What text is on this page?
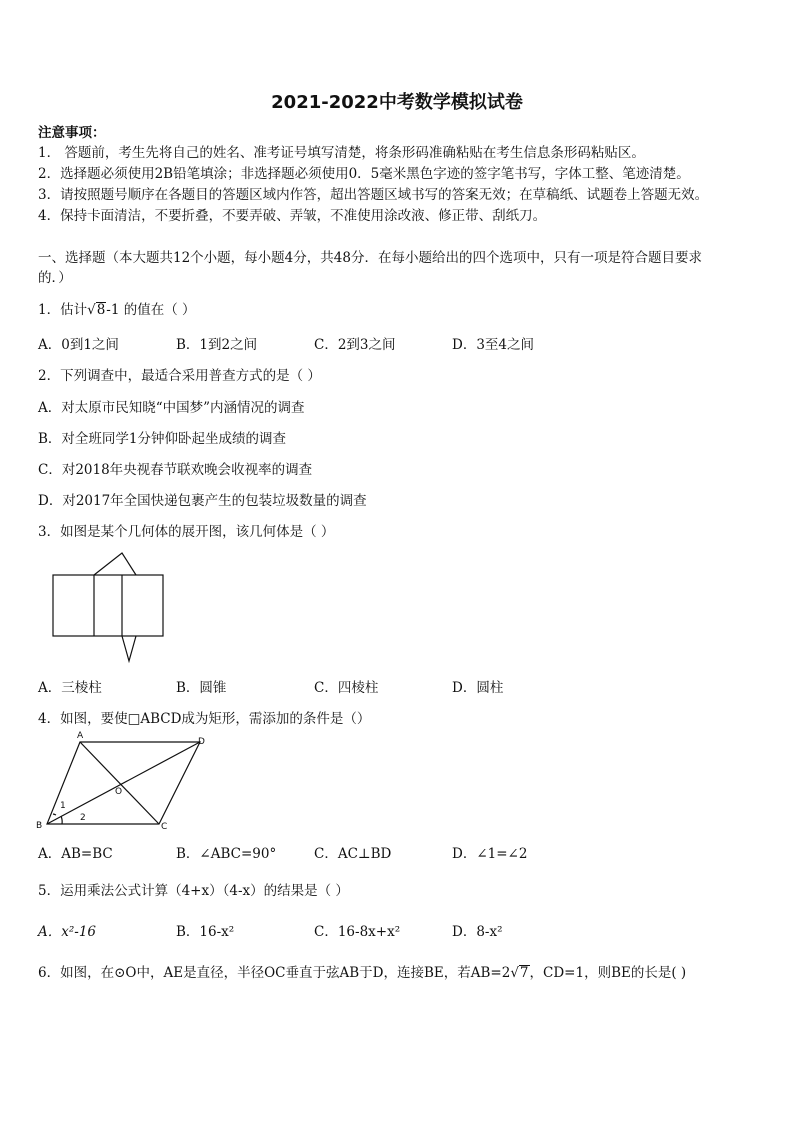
2021-2022中考数学模拟试卷
注意事项：
1． 答题前，考生先将自己的姓名、准考证号填写清楚，将条形码准确粘贴在考生信息条形码粘贴区。
2．选择题必须使用2B铅笔填涂；非选择题必须使用0．5毫米黑色字迹的签字笔书写，字体工整、笔迹清楚。
3．请按照题号顺序在各题目的答题区域内作答，超出答题区域书写的答案无效；在草稿纸、试题卷上答题无效。
4．保持卡面清洁，不要折叠，不要弄破、弄皱，不准使用涂改液、修正带、刮纸刀。
一、选择题（本大题共12个小题，每小题4分，共48分．在每小题给出的四个选项中，只有一项是符合题目要求
的．）
1．估计√8-1 的值在（ ）
A．0到1之间	B．1到2之间	C．2到3之间	D．3至4之间
2．下列调查中，最适合采用普查方式的是（ ）
A．对太原市民知晓“中国梦”内涵情况的调查
B．对全班同学1分钟仰卧起坐成绩的调查
C．对2018年央视春节联欢晚会收视率的调查
D．对2017年全国快递包裹产生的包装垃圾数量的调查
3．如图是某个几何体的展开图，该几何体是（ ）
A．三棱柱	B．圆锥	C．四棱柱	D．圆柱
4．如图，要使□ABCD成为矩形，需添加的条件是（）
A
D
B	C
O
1
2
A．AB=BC	B．∠ABC=90°	C．AC⊥BD	D．∠1=∠2
5．运用乘法公式计算（4+x）（4-x）的结果是（ ）
A．x²-16	B．16-x²	C．16-8x+x²	D．8-x²
6．如图，在⊙O中，AE是直径，半径OC垂直于弦AB于D，连接BE，若AB=2√7，CD=1，则BE的长是( )
